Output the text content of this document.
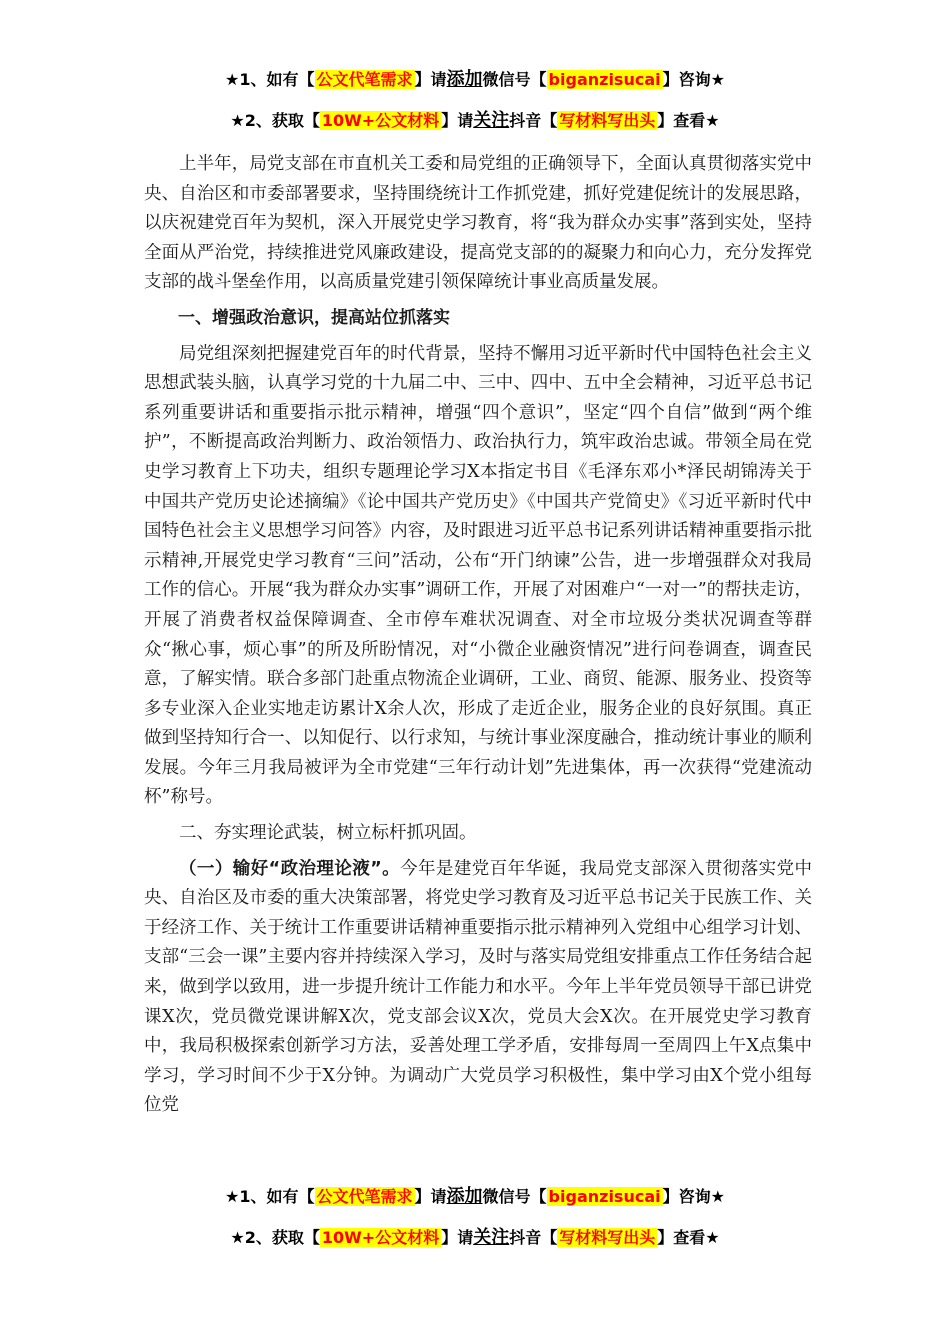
★1、如有【 公文代笔需求 】请添加微信号【 biganzisucai 】咨询★
★2、获取【 10W+公文材料 】请关注抖音【 写材料写出头 】查看★

上半年，局党支部在市直机关工委和局党组的正确领导下，全面认真贯彻落实党中央、自治区和市委部署要求，坚持围绕统计工作抓党建，抓好党建促统计的发展思路，以庆祝建党百年为契机，深入开展党史学习教育，将“我为群众办实事”落到实处，坚持全面从严治党，持续推进党风廉政建设，提高党支部的的凝聚力和向心力，充分发挥党支部的战斗堡垒作用，以高质量党建引领保障统计事业高质量发展。

一、增强政治意识，提高站位抓落实

局党组深刻把握建党百年的时代背景，坚持不懈用习近平新时代中国特色社会主义思想武装头脑，认真学习党的十九届二中、三中、四中、五中全会精神，习近平总书记系列重要讲话和重要指示批示精神，增强“四个意识”，坚定“四个自信”做到“两个维护”，不断提高政治判断力、政治领悟力、政治执行力，筑牢政治忠诚。带领全局在党史学习教育上下功夫，组织专题理论学习X本指定书目《毛泽东邓小*泽民胡锦涛关于中国共产党历史论述摘编》《论中国共产党历史》《中国共产党简史》《习近平新时代中国特色社会主义思想学习问答》内容，及时跟进习近平总书记系列讲话精神重要指示批示精神,开展党史学习教育“三问”活动，公布“开门纳谏”公告，进一步增强群众对我局工作的信心。开展“我为群众办实事”调研工作，开展了对困难户“一对一”的帮扶走访，开展了消费者权益保障调查、全市停车难状况调查、对全市垃圾分类状况调查等群众“揪心事，烦心事”的所及所盼情况，对“小微企业融资情况”进行问卷调查，调查民意，了解实情。联合多部门赴重点物流企业调研，工业、商贸、能源、服务业、投资等多专业深入企业实地走访累计X余人次，形成了走近企业，服务企业的良好氛围。真正做到坚持知行合一、以知促行、以行求知，与统计事业深度融合，推动统计事业的顺利发展。今年三月我局被评为全市党建“三年行动计划”先进集体，再一次获得“党建流动杯”称号。

二、夯实理论武装，树立标杆抓巩固。

（一）输好“政治理论液”。今年是建党百年华诞，我局党支部深入贯彻落实党中央、自治区及市委的重大决策部署，将党史学习教育及习近平总书记关于民族工作、关于经济工作、关于统计工作重要讲话精神重要指示批示精神列入党组中心组学习计划、支部“三会一课”主要内容并持续深入学习，及时与落实局党组安排重点工作任务结合起来，做到学以致用，进一步提升统计工作能力和水平。今年上半年党员领导干部已讲党课X次，党员微党课讲解X次，党支部会议X次，党员大会X次。在开展党史学习教育中，我局积极探索创新学习方法，妥善处理工学矛盾，安排每周一至周四上午X点集中学习，学习时间不少于X分钟。为调动广大党员学习积极性，集中学习由X个党小组每位党

★1、如有【 公文代笔需求 】请添加微信号【 biganzisucai 】咨询★
★2、获取【 10W+公文材料 】请关注抖音【 写材料写出头 】查看★
